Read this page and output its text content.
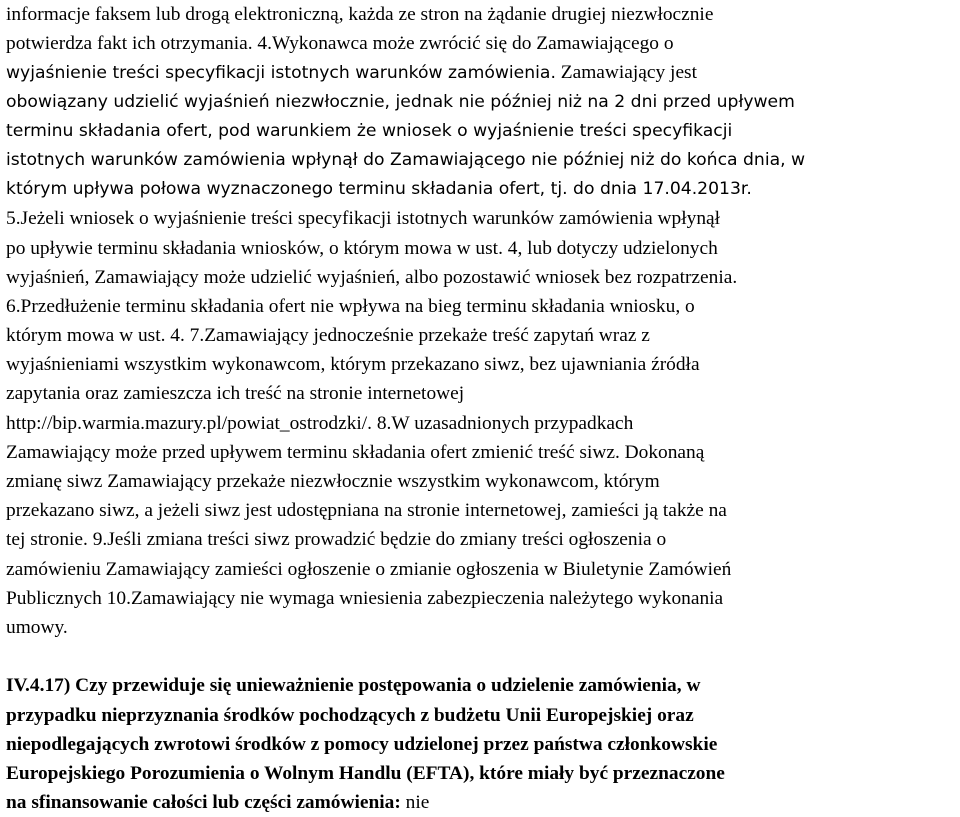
informacje faksem lub drogą elektroniczną, każda ze stron na żądanie drugiej niezwłocznie
potwierdza fakt ich otrzymania. 4.Wykonawca może zwrócić się do Zamawiającego o
wyjaśnienie treści specyfikacji istotnych warunków zamówienia. Zamawiający jest
obowiązany udzielić wyjaśnień niezwłocznie, jednak nie później niż na 2 dni przed upływem
terminu składania ofert, pod warunkiem że wniosek o wyjaśnienie treści specyfikacji
istotnych warunków zamówienia wpłynął do Zamawiającego nie później niż do końca dnia, w
którym upływa połowa wyznaczonego terminu składania ofert, tj. do dnia 17.04.2013r.
5.Jeżeli wniosek o wyjaśnienie treści specyfikacji istotnych warunków zamówienia wpłynął
po upływie terminu składania wniosków, o którym mowa w ust. 4, lub dotyczy udzielonych
wyjaśnień, Zamawiający może udzielić wyjaśnień, albo pozostawić wniosek bez rozpatrzenia.
6.Przedłużenie terminu składania ofert nie wpływa na bieg terminu składania wniosku, o
którym mowa w ust. 4. 7.Zamawiający jednocześnie przekaże treść zapytań wraz z
wyjaśnieniami wszystkim wykonawcom, którym przekazano siwz, bez ujawniania źródła
zapytania oraz zamieszcza ich treść na stronie internetowej
http://bip.warmia.mazury.pl/powiat_ostrodzki/. 8.W uzasadnionych przypadkach
Zamawiający może przed upływem terminu składania ofert zmienić treść siwz. Dokonaną
zmianę siwz Zamawiający przekaże niezwłocznie wszystkim wykonawcom, którym
przekazano siwz, a jeżeli siwz jest udostępniana na stronie internetowej, zamieści ją także na
tej stronie. 9.Jeśli zmiana treści siwz prowadzić będzie do zmiany treści ogłoszenia o
zamówieniu Zamawiający zamieści ogłoszenie o zmianie ogłoszenia w Biuletynie Zamówień
Publicznych 10.Zamawiający nie wymaga wniesienia zabezpieczenia należytego wykonania
umowy.
IV.4.17) Czy przewiduje się unieważnienie postępowania o udzielenie zamówienia, w
przypadku nieprzyznania środków pochodzących z budżetu Unii Europejskiej oraz
niepodlegających zwrotowi środków z pomocy udzielonej przez państwa członkowskie
Europejskiego Porozumienia o Wolnym Handlu (EFTA), które miały być przeznaczone
na sfinansowanie całości lub części zamówienia: nie
